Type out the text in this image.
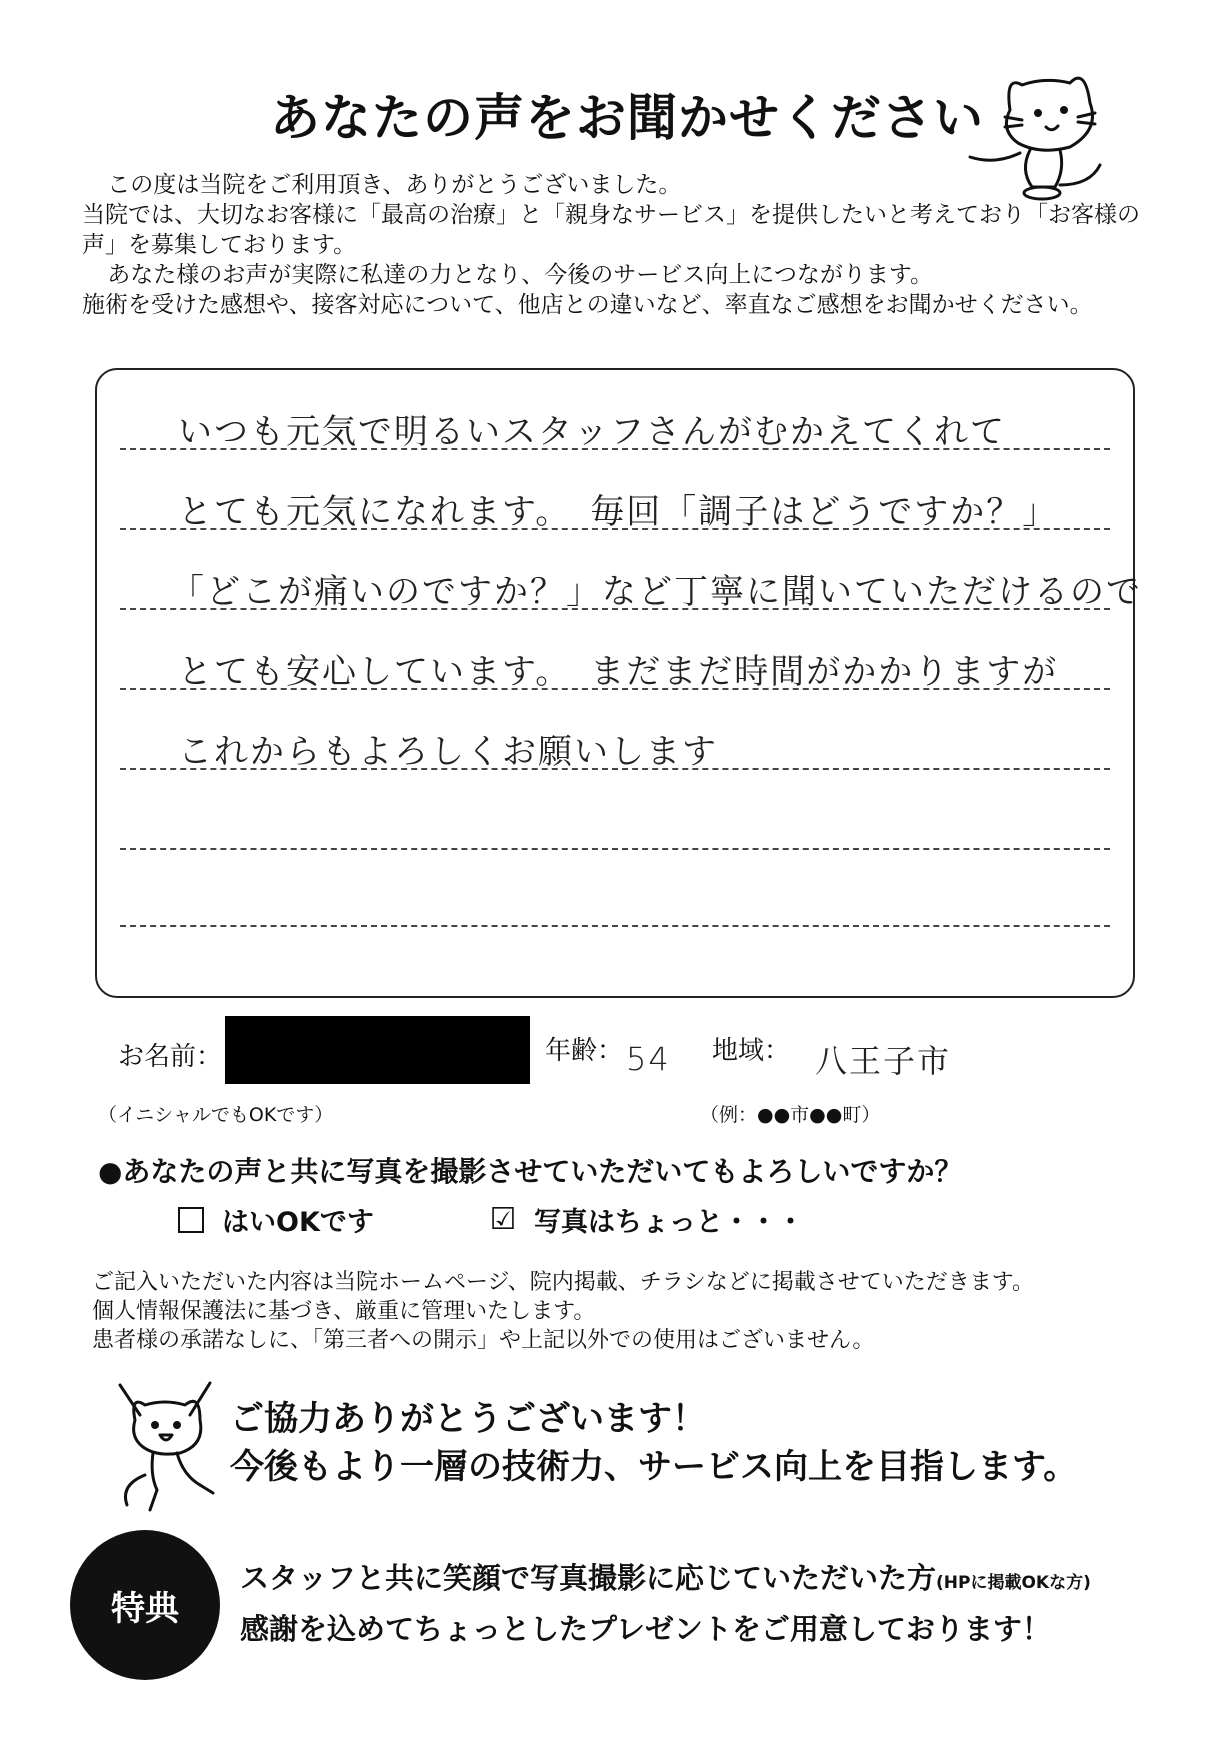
あなたの声をお聞かせください

この度は当院をご利用頂き、ありがとうございました。

当院では、大切なお客様に「最高の治療」と「親身なサービス」を提供したいと考えており「お客様の声」を募集しております。

あなた様のお声が実際に私達の力となり、今後のサービス向上につながります。

施術を受けた感想や、接客対応について、他店との違いなど、率直なご感想をお聞かせください。

いつも元気で明るいスタッフさんがむかえてくれて
とても元気になれます。　毎回「調子はどうですか？」
「どこが痛いのですか？」など丁寧に聞いていただけるので
とても安心しています。　まだまだ時間がかかりますが
これからもよろしくお願いします
お名前：	年齢： 54 地域： 八王子市
（イニシャルでもOKです）	（例：●●市●●町）
●あなたの声と共に写真を撮影させていただいてもよろしいですか？
はいOKです	☑ 写真はちょっと・・・

ご記入いただいた内容は当院ホームページ、院内掲載、チラシなどに掲載させていただきます。

個人情報保護法に基づき、厳重に管理いたします。

患者様の承諾なしに、「第三者への開示」や上記以外での使用はございません。

ご協力ありがとうございます！
今後もより一層の技術力、サービス向上を目指します。
特典
スタッフと共に笑顔で写真撮影に応じていただいた方(HPに掲載OKな方)
感謝を込めてちょっとしたプレゼントをご用意しております！
